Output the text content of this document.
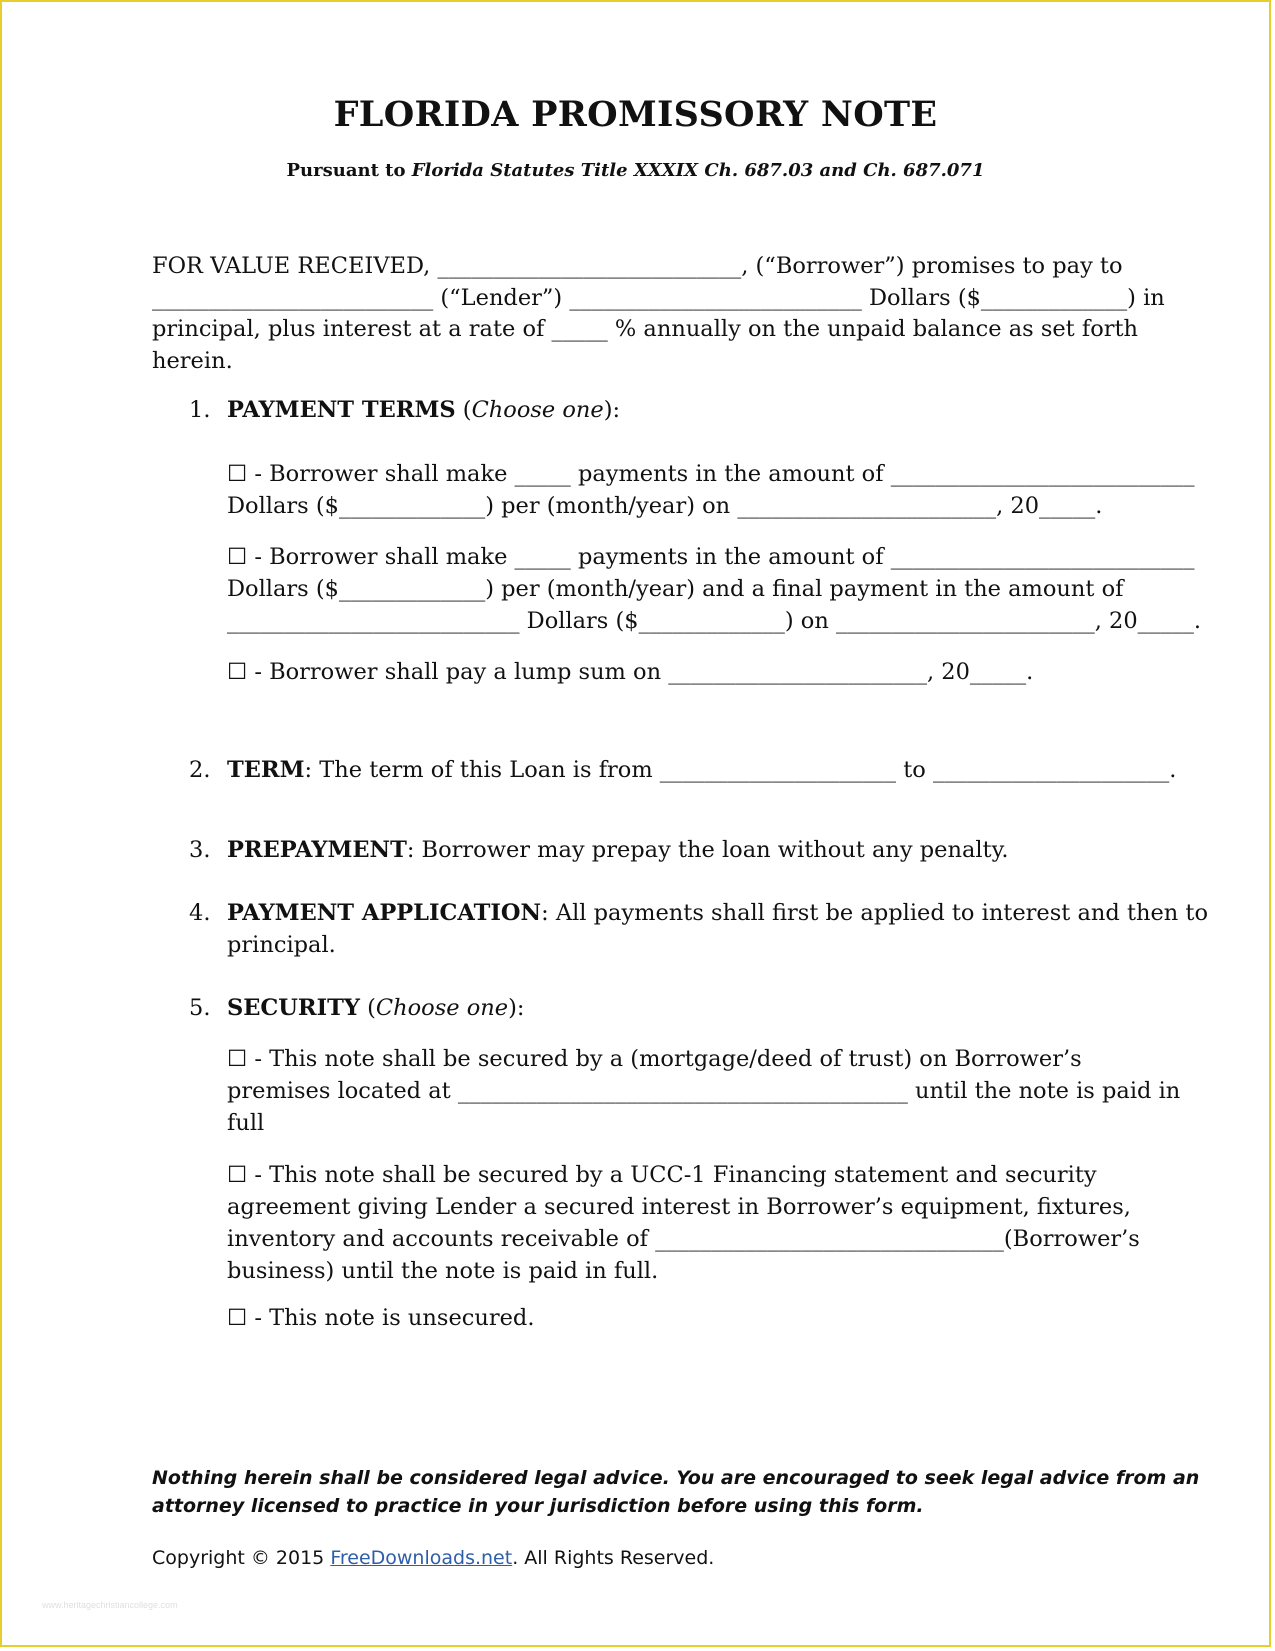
FLORIDA PROMISSORY NOTE
Pursuant to Florida Statutes Title XXXIX Ch. 687.03 and Ch. 687.071
FOR VALUE RECEIVED, ___________________________, (“Borrower”) promises to pay to
_________________________ (“Lender”) __________________________ Dollars ($_____________) in
principal, plus interest at a rate of _____ % annually on the unpaid balance as set forth
herein.
1. PAYMENT TERMS (Choose one):
☐ - Borrower shall make _____ payments in the amount of ___________________________
Dollars ($_____________) per (month/year) on _______________________, 20_____.
☐ - Borrower shall make _____ payments in the amount of ___________________________
Dollars ($_____________) per (month/year) and a final payment in the amount of
__________________________ Dollars ($_____________) on _______________________, 20_____.
☐ - Borrower shall pay a lump sum on _______________________, 20_____.
2. TERM: The term of this Loan is from _____________________ to _____________________.
3. PREPAYMENT: Borrower may prepay the loan without any penalty.
4. PAYMENT APPLICATION: All payments shall first be applied to interest and then to
principal.
5. SECURITY (Choose one):
☐ - This note shall be secured by a (mortgage/deed of trust) on Borrower’s
premises located at ________________________________________ until the note is paid in
full
☐ - This note shall be secured by a UCC-1 Financing statement and security
agreement giving Lender a secured interest in Borrower’s equipment, fixtures,
inventory and accounts receivable of _______________________________(Borrower’s
business) until the note is paid in full.
☐ - This note is unsecured.
Nothing herein shall be considered legal advice. You are encouraged to seek legal advice from an
attorney licensed to practice in your jurisdiction before using this form.
Copyright © 2015 FreeDownloads.net. All Rights Reserved.
www.heritagechristiancollege.com
